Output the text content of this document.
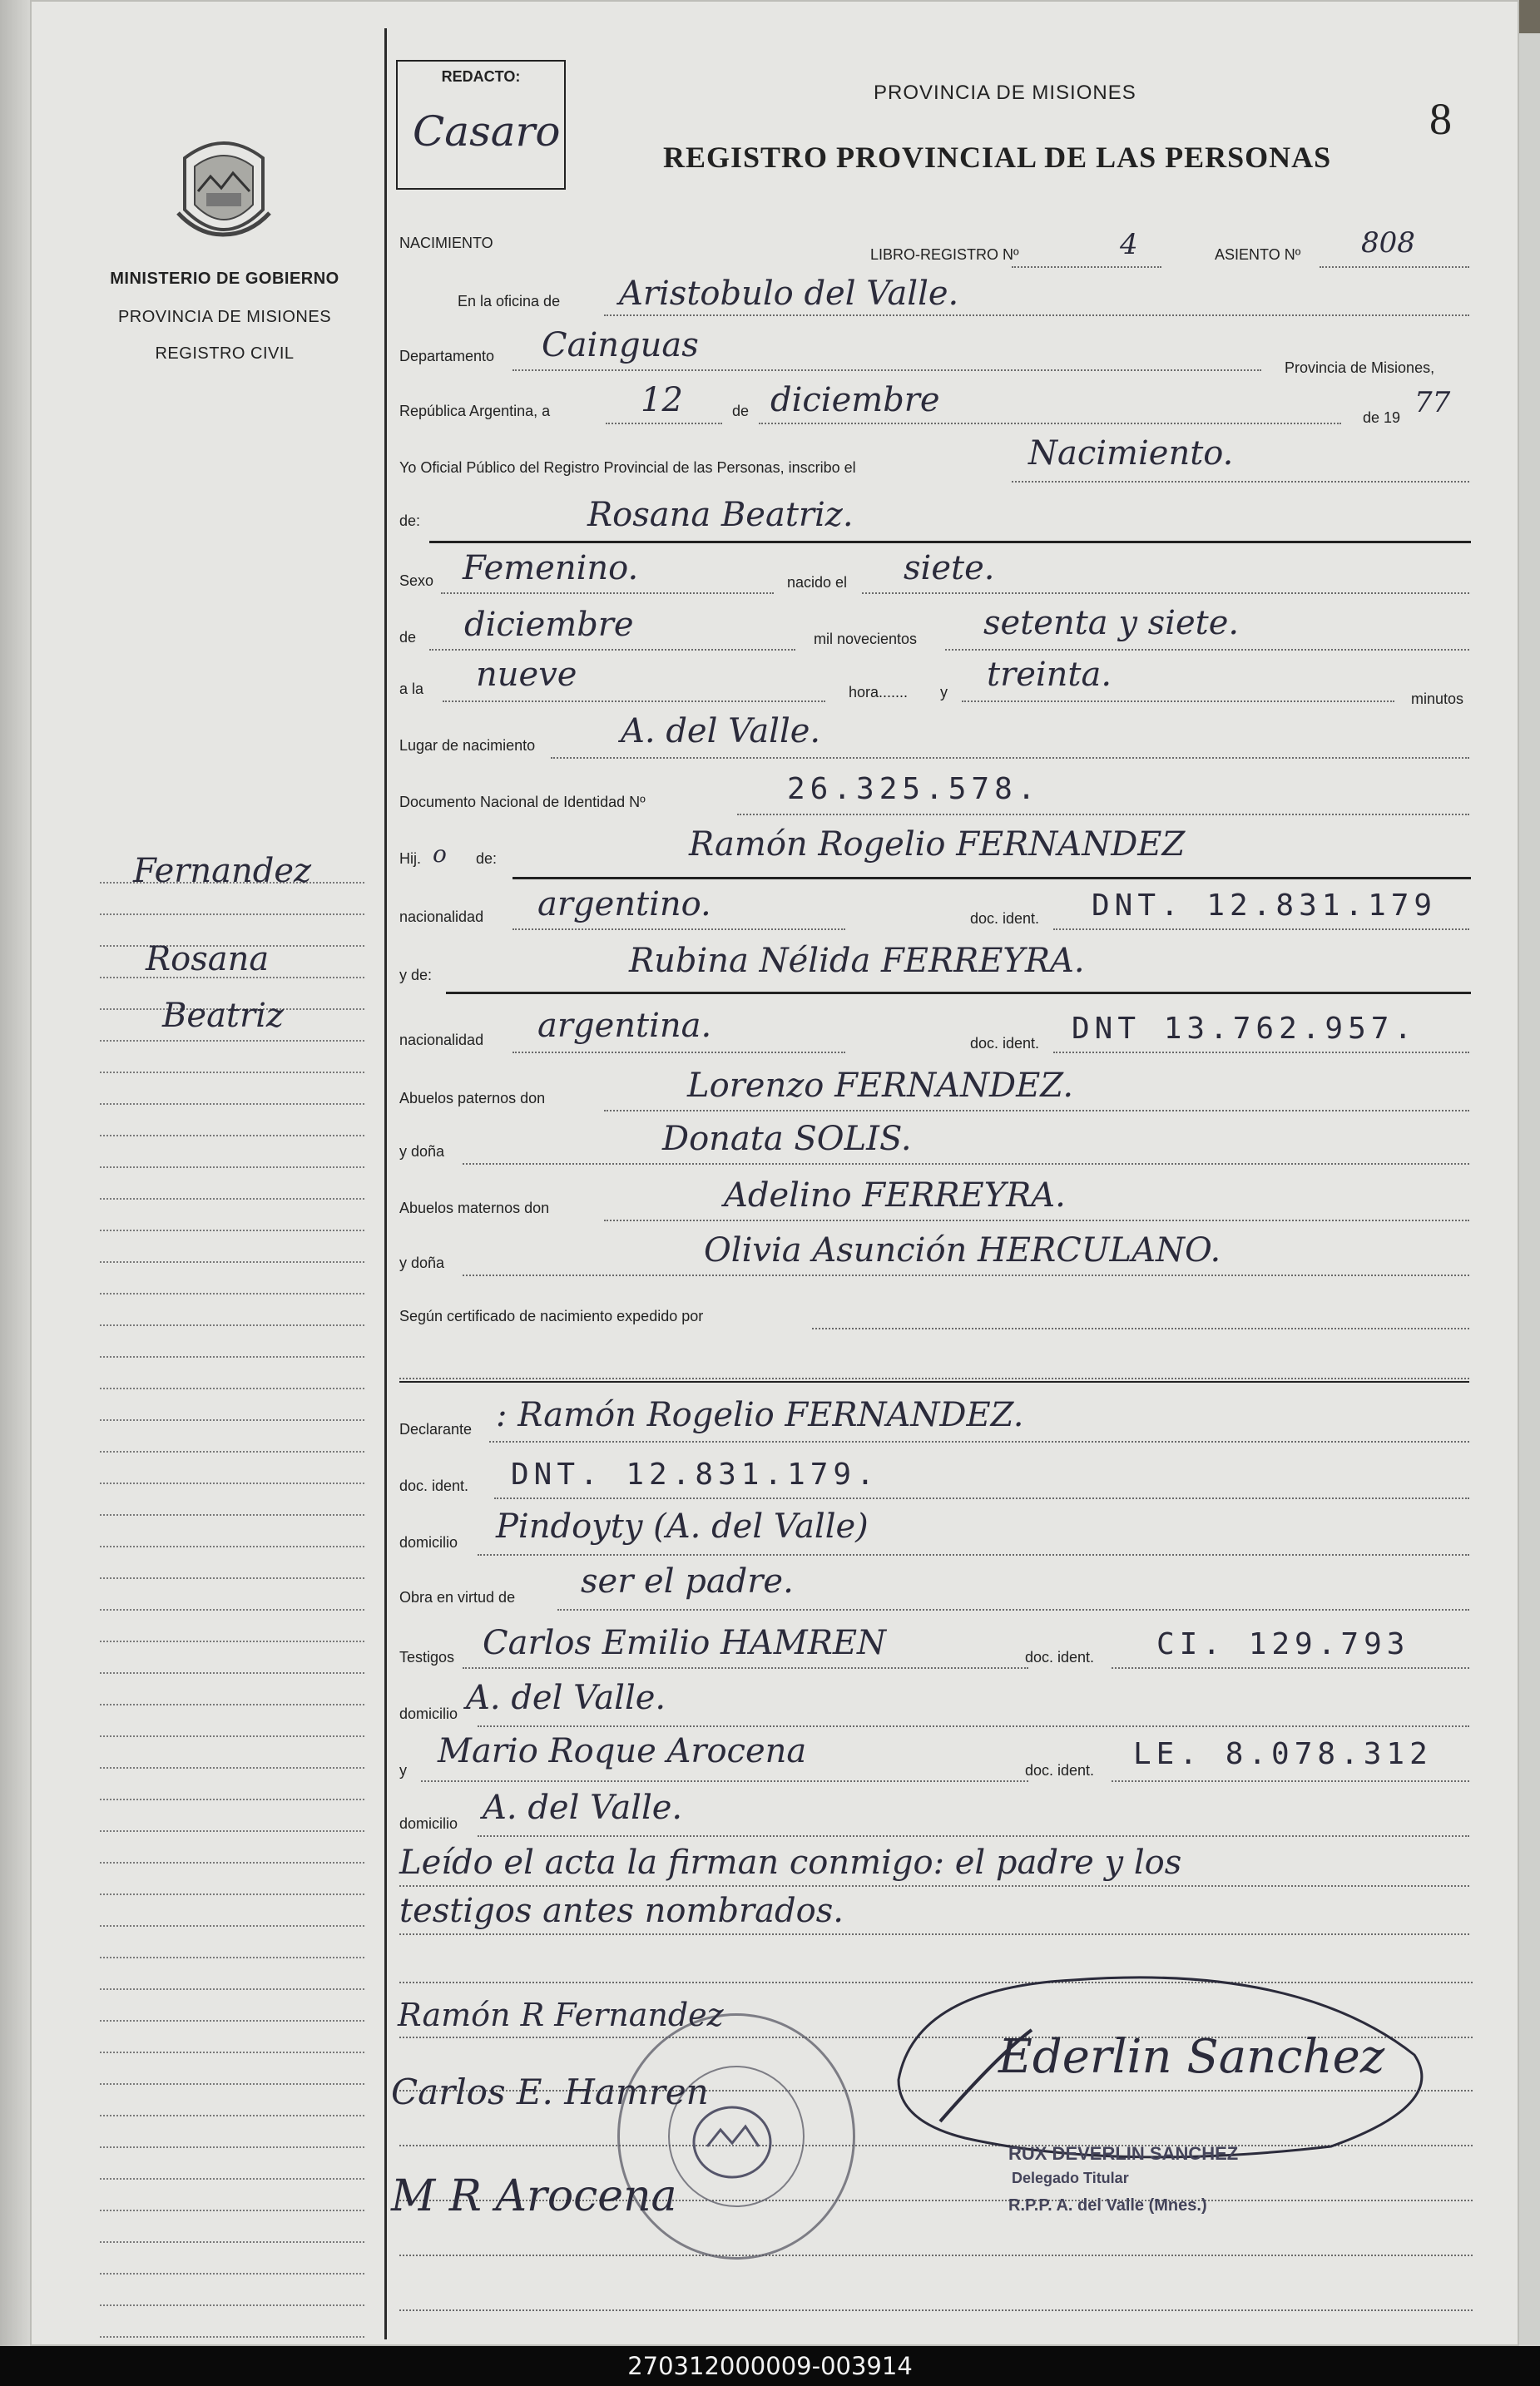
MINISTERIO DE GOBIERNO
PROVINCIA DE MISIONES
REGISTRO CIVIL
Fernandez
Rosana
Beatriz
REDACTO:
Casaro
PROVINCIA DE MISIONES
REGISTRO PROVINCIAL DE LAS PERSONAS
8
NACIMIENTO
LIBRO-REGISTRO Nº	4	ASIENTO Nº 808
En la oficina de Aristobulo del Valle.
Departamento Cainguas
Provincia de Misiones,
República Argentina, a	12	de diciembre	de 19 77
Yo Oficial Público del Registro Provincial de las Personas, inscribo el	Nacimiento.
de:	Rosana Beatriz.
Sexo Femenino.	nacido el siete.
de diciembre	mil novecientos setenta y siete.
a la nueve	hora....... y treinta.
minutos
Lugar de nacimiento	A. del Valle.
Documento Nacional de Identidad Nº	26.325.578.
Hij. o de:	Ramón Rogelio FERNANDEZ
nacionalidad argentino.	doc. ident. DNT. 12.831.179
y de:	Rubina Nélida FERREYRA.
nacionalidad argentina.	doc. ident. DNT 13.762.957.
Abuelos paternos don	Lorenzo FERNANDEZ.
y doña	Donata SOLIS.
Abuelos maternos don	Adelino FERREYRA.
y doña	Olivia Asunción HERCULANO.
Según certificado de nacimiento expedido por
Declarante : Ramón Rogelio FERNANDEZ.
doc. ident. DNT. 12.831.179.
domicilio Pindoyty (A. del Valle)
Obra en virtud de ser el padre.
Testigos Carlos Emilio HAMREN	doc. ident. CI. 129.793
domicilio A. del Valle.
y Mario Roque Arocena	doc. ident. LE. 8.078.312
domicilio A. del Valle.
Leído el acta la firman conmigo: el padre y los
testigos antes nombrados.
Ramón R Fernandez
Carlos E. Hamren
M R Arocena
Ederlin Sanchez
RUX DEVERLIN SANCHEZ
Delegado Titular
R.P.P. A. del Valle (Mnes.)
270312000009-003914
